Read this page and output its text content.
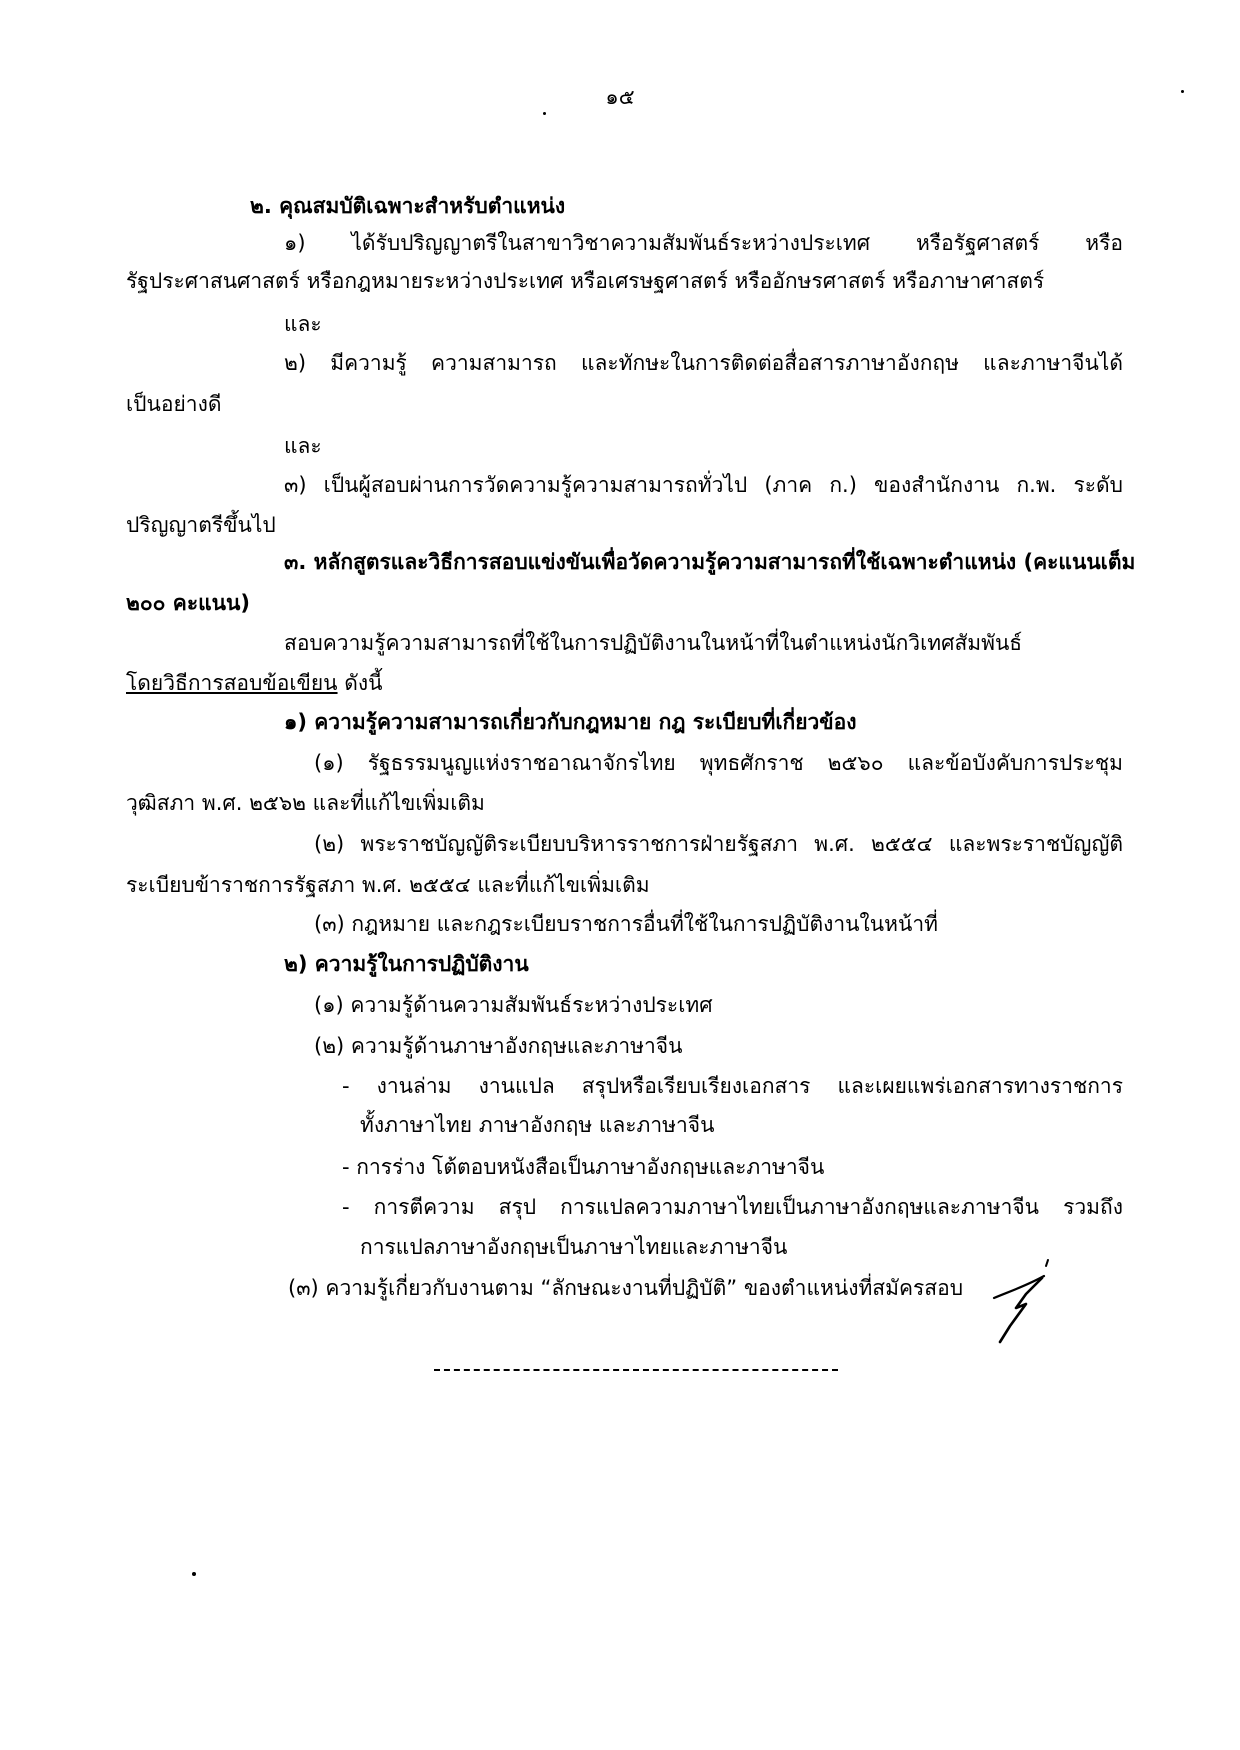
๑๕
๒. คุณสมบัติเฉพาะสำหรับตำแหน่ง
๑) ได้รับปริญญาตรีในสาขาวิชาความสัมพันธ์ระหว่างประเทศ หรือรัฐศาสตร์ หรือ
รัฐประศาสนศาสตร์ หรือกฎหมายระหว่างประเทศ หรือเศรษฐศาสตร์ หรืออักษรศาสตร์ หรือภาษาศาสตร์
และ
๒) มีความรู้ ความสามารถ และทักษะในการติดต่อสื่อสารภาษาอังกฤษ และภาษาจีนได้
เป็นอย่างดี
และ
๓) เป็นผู้สอบผ่านการวัดความรู้ความสามารถทั่วไป (ภาค ก.) ของสำนักงาน ก.พ. ระดับ
ปริญญาตรีขึ้นไป
๓. หลักสูตรและวิธีการสอบแข่งขันเพื่อวัดความรู้ความสามารถที่ใช้เฉพาะตำแหน่ง (คะแนนเต็ม
๒๐๐ คะแนน)
สอบความรู้ความสามารถที่ใช้ในการปฏิบัติงานในหน้าที่ในตำแหน่งนักวิเทศสัมพันธ์
โดยวิธีการสอบข้อเขียน ดังนี้
๑) ความรู้ความสามารถเกี่ยวกับกฎหมาย กฎ ระเบียบที่เกี่ยวข้อง
(๑) รัฐธรรมนูญแห่งราชอาณาจักรไทย พุทธศักราช ๒๕๖๐ และข้อบังคับการประชุม
วุฒิสภา พ.ศ. ๒๕๖๒ และที่แก้ไขเพิ่มเติม
(๒) พระราชบัญญัติระเบียบบริหารราชการฝ่ายรัฐสภา พ.ศ. ๒๕๕๔ และพระราชบัญญัติ
ระเบียบข้าราชการรัฐสภา พ.ศ. ๒๕๕๔ และที่แก้ไขเพิ่มเติม
(๓) กฎหมาย และกฎระเบียบราชการอื่นที่ใช้ในการปฏิบัติงานในหน้าที่
๒) ความรู้ในการปฏิบัติงาน
(๑) ความรู้ด้านความสัมพันธ์ระหว่างประเทศ
(๒) ความรู้ด้านภาษาอังกฤษและภาษาจีน
- งานล่าม งานแปล สรุปหรือเรียบเรียงเอกสาร และเผยแพร่เอกสารทางราชการ
ทั้งภาษาไทย ภาษาอังกฤษ และภาษาจีน
- การร่าง โต้ตอบหนังสือเป็นภาษาอังกฤษและภาษาจีน
- การตีความ สรุป การแปลความภาษาไทยเป็นภาษาอังกฤษและภาษาจีน รวมถึง
การแปลภาษาอังกฤษเป็นภาษาไทยและภาษาจีน
(๓) ความรู้เกี่ยวกับงานตาม “ลักษณะงานที่ปฏิบัติ” ของตำแหน่งที่สมัครสอบ
